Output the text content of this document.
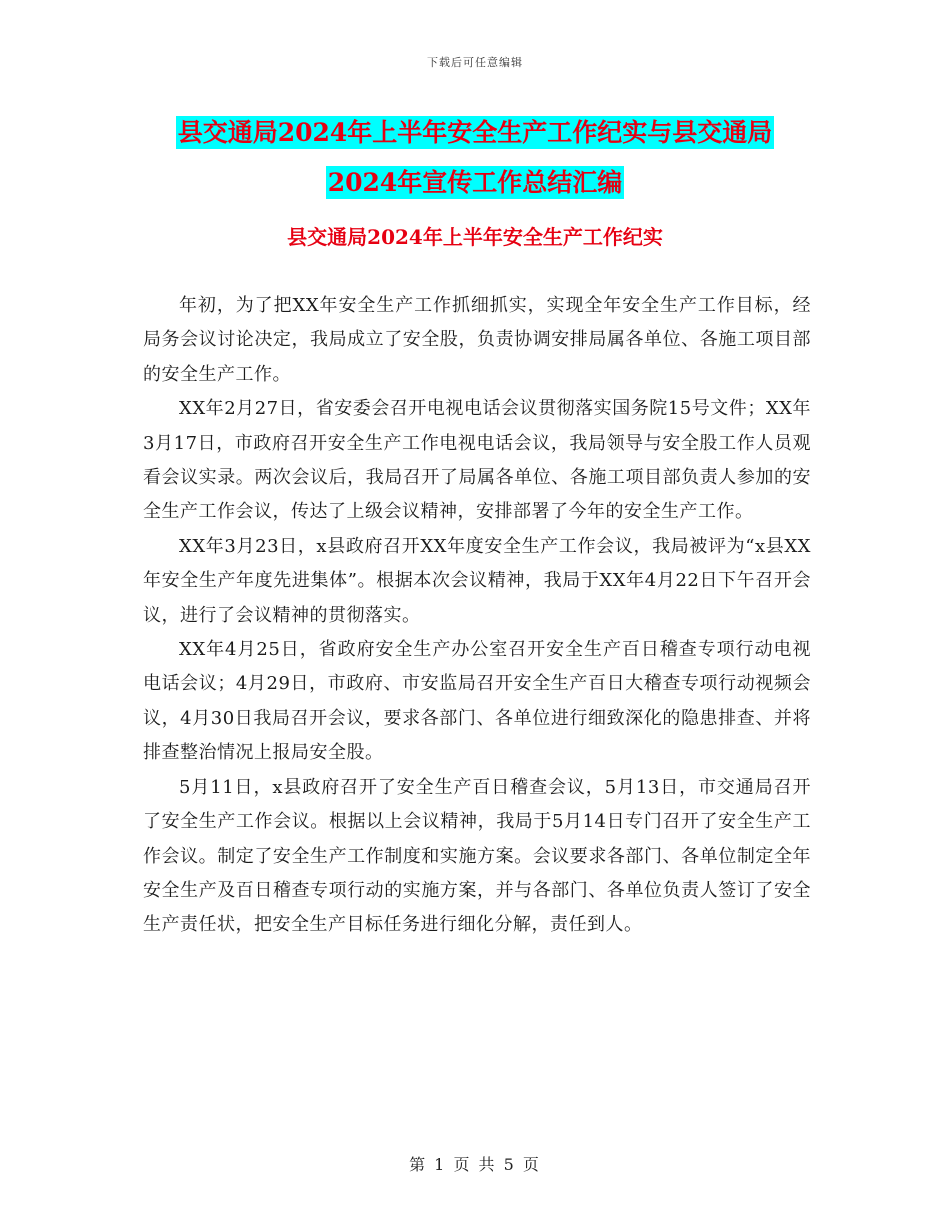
下载后可任意编辑
县交通局2024年上半年安全生产工作纪实与县交通局
2024年宣传工作总结汇编
县交通局2024年上半年安全生产工作纪实

年初，为了把XX年安全生产工作抓细抓实，实现全年安全生产工作目标，经局务会议讨论决定，我局成立了安全股，负责协调安排局属各单位、各施工项目部的安全生产工作。

XX年2月27日，省安委会召开电视电话会议贯彻落实国务院15号文件；XX年3月17日，市政府召开安全生产工作电视电话会议，我局领导与安全股工作人员观看会议实录。两次会议后，我局召开了局属各单位、各施工项目部负责人参加的安全生产工作会议，传达了上级会议精神，安排部署了今年的安全生产工作。

XX年3月23日，x县政府召开XX年度安全生产工作会议，我局被评为“x县XX年安全生产年度先进集体”。根据本次会议精神，我局于XX年4月22日下午召开会议，进行了会议精神的贯彻落实。

XX年4月25日，省政府安全生产办公室召开安全生产百日稽查专项行动电视电话会议；4月29日，市政府、市安监局召开安全生产百日大稽查专项行动视频会议，4月30日我局召开会议，要求各部门、各单位进行细致深化的隐患排查、并将排查整治情况上报局安全股。

5月11日，x县政府召开了安全生产百日稽查会议，5月13日，市交通局召开了安全生产工作会议。根据以上会议精神，我局于5月14日专门召开了安全生产工作会议。制定了安全生产工作制度和实施方案。会议要求各部门、各单位制定全年安全生产及百日稽查专项行动的实施方案，并与各部门、各单位负责人签订了安全生产责任状，把安全生产目标任务进行细化分解，责任到人。

第 1 页 共 5 页
